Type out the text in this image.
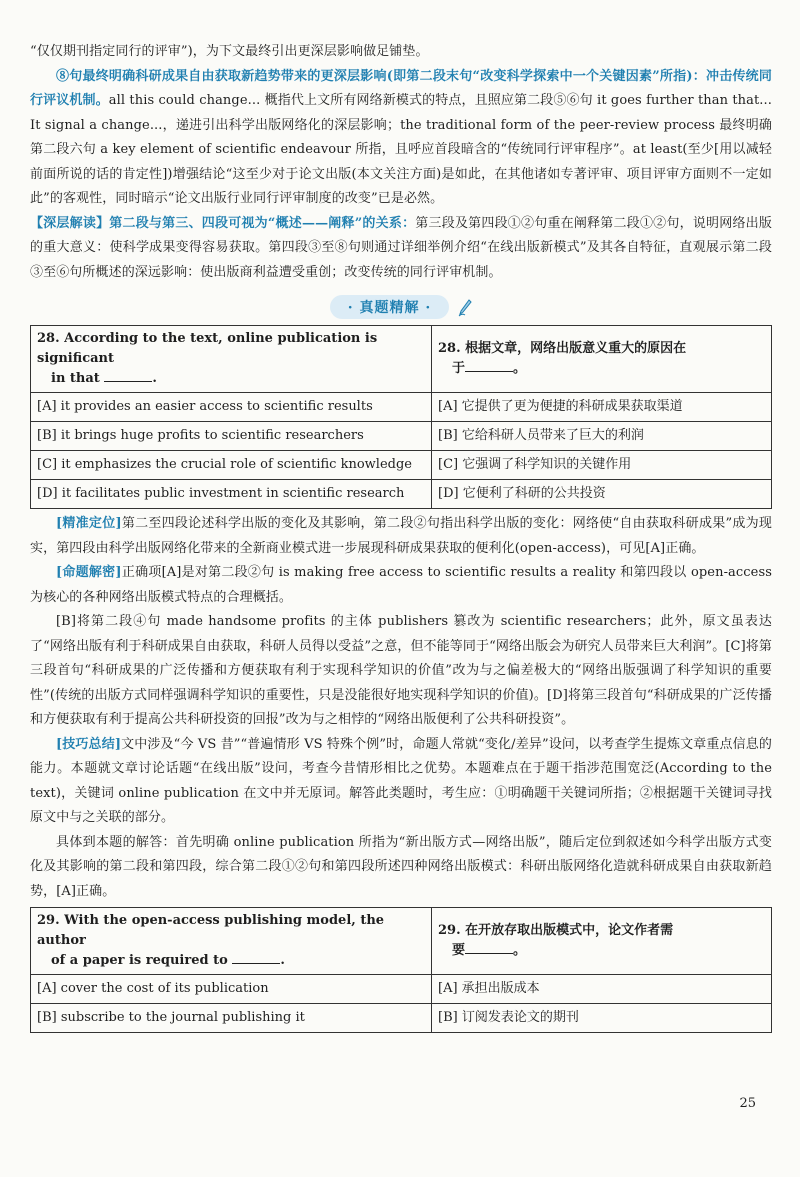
“仅仅期刊指定同行的评审”)，为下文最终引出更深层影响做足铺垫。

⑧句最终明确科研成果自由获取新趋势带来的更深层影响(即第二段末句“改变科学探索中一个关键因素”所指)：冲击传统同行评议机制。all this could change... 概指代上文所有网络新模式的特点，且照应第二段⑤⑥句 it goes further than that... It signal a change...，递进引出科学出版网络化的深层影响；the traditional form of the peer-review process 最终明确第二段六句 a key element of scientific endeavour 所指，且呼应首段暗含的“传统同行评审程序”。at least(至少[用以减轻前面所说的话的肯定性])增强结论“这至少对于论文出版(本文关注方面)是如此，在其他诸如专著评审、项目评审方面则不一定如此”的客观性，同时暗示“论文出版行业同行评审制度的改变”已是必然。

【深层解读】第二段与第三、四段可视为“概述——阐释”的关系：第三段及第四段①②句重在阐释第二段①②句，说明网络出版的重大意义：使科学成果变得容易获取。第四段③至⑧句则通过详细举例介绍“在线出版新模式”及其各自特征，直观展示第二段③至⑥句所概述的深远影响：使出版商利益遭受重创；改变传统的同行评审机制。

· 真题精解 ·
28. According to the text, online publication is significant
in that .	28. 根据文章，网络出版意义重大的原因在
于 。
[A] it provides an easier access to scientific results	[A] 它提供了更为便捷的科研成果获取渠道
[B] it brings huge profits to scientific researchers	[B] 它给科研人员带来了巨大的利润
[C] it emphasizes the crucial role of scientific knowledge	[C] 它强调了科学知识的关键作用
[D] it facilitates public investment in scientific research	[D] 它便利了科研的公共投资

[精准定位]第二至四段论述科学出版的变化及其影响，第二段②句指出科学出版的变化：网络使“自由获取科研成果”成为现实，第四段由科学出版网络化带来的全新商业模式进一步展现科研成果获取的便利化(open-access)，可见[A]正确。

[命题解密]正确项[A]是对第二段②句 is making free access to scientific results a reality 和第四段以 open-access 为核心的各种网络出版模式特点的合理概括。

[B]将第二段④句 made handsome profits 的主体 publishers 篡改为 scientific researchers；此外，原文虽表达了“网络出版有利于科研成果自由获取，科研人员得以受益”之意，但不能等同于“网络出版会为研究人员带来巨大利润”。[C]将第三段首句“科研成果的广泛传播和方便获取有利于实现科学知识的价值”改为与之偏差极大的“网络出版强调了科学知识的重要性”(传统的出版方式同样强调科学知识的重要性，只是没能很好地实现科学知识的价值)。[D]将第三段首句“科研成果的广泛传播和方便获取有利于提高公共科研投资的回报”改为与之相悖的“网络出版便利了公共科研投资”。

[技巧总结]文中涉及“今 VS 昔”“普遍情形 VS 特殊个例”时，命题人常就“变化/差异”设问，以考查学生提炼文章重点信息的能力。本题就文章讨论话题“在线出版”设问，考查今昔情形相比之优势。本题难点在于题干指涉范围宽泛(According to the text)，关键词 online publication 在文中并无原词。解答此类题时，考生应：①明确题干关键词所指；②根据题干关键词寻找原文中与之关联的部分。

具体到本题的解答：首先明确 online publication 所指为“新出版方式—网络出版”，随后定位到叙述如今科学出版方式变化及其影响的第二段和第四段，综合第二段①②句和第四段所述四种网络出版模式：科研出版网络化造就科研成果自由获取新趋势，[A]正确。

29. With the open-access publishing model, the author
of a paper is required to .	29. 在开放存取出版模式中，论文作者需
要 。
[A] cover the cost of its publication	[A] 承担出版成本
[B] subscribe to the journal publishing it	[B] 订阅发表论文的期刊
25
